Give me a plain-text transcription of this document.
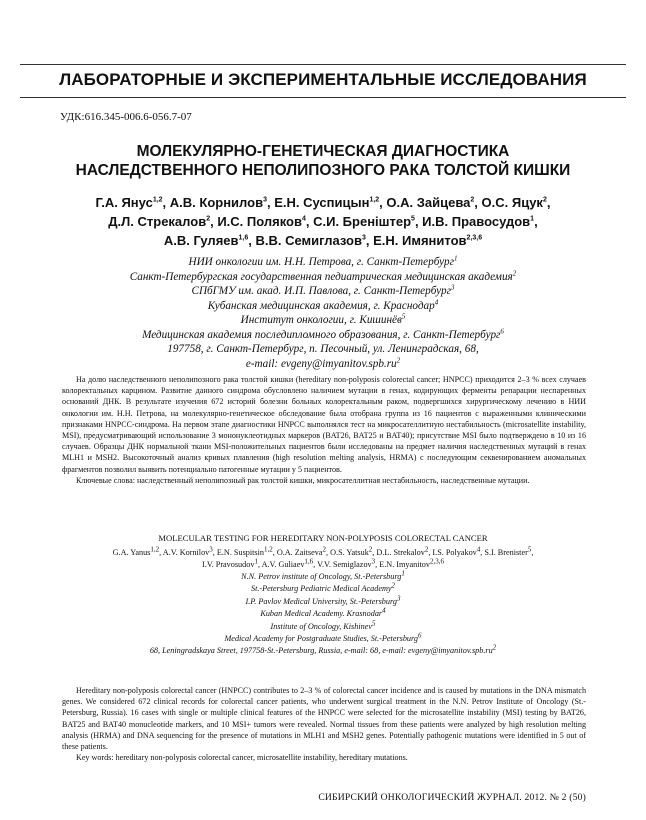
ЛАБОРАТОРНЫЕ И ЭКСПЕРИМЕНТАЛЬНЫЕ ИССЛЕДОВАНИЯ
УДК:616.345-006.6-056.7-07
МОЛЕКУЛЯРНО-ГЕНЕТИЧЕСКАЯ ДИАГНОСТИКА
НАСЛЕДСТВЕННОГО НЕПОЛИПОЗНОГО РАКА ТОЛСТОЙ КИШКИ
Г.А. Янус$^{1,2}$, А.В. Корнилов$^3$, Е.Н. Суспицын$^{1,2}$, О.А. Зайцева$^2$, О.С. Яцук$^2$,
Д.Л. Стрекалов$^2$, И.С. Поляков$^4$, С.И. Бренiштер$^5$, И.В. Правосудов$^1$,
А.В. Гуляев$^{1,6}$, В.В. Семиглазов$^3$, Е.Н. Имянитов$^{2,3,6}$
НИИ онкологии им. Н.Н. Петрова, г. Санкт-Петербург$^1$
Санкт-Петербургская государственная педиатрическая медицинская академия$^2$
СПбГМУ им. акад. И.П. Павлова, г. Санкт-Петербург$^3$
Кубанская медицинская академия, г. Краснодар$^4$
Институт онкологии, г. Кишинёв$^5$
Медицинская академия последипломного образования, г. Санкт-Петербург$^6$
197758, г. Санкт-Петербург, п. Песочный, ул. Ленинградская, 68,
e-mail: $evgeny@imyanitov.spb.ru^2$

На долю наследственного неполипозного рака толстой кишки (hereditary non-polyposis colorectal cancer; HNPCC) приходится 2–3 % всех случаев колоректальных карцином. Развитие данного синдрома обусловлено наличием мутации в генах, кодирующих ферменты репарации неспаренных оснований ДНК. В результате изучения 672 историй болезни больных колоректальным раком, подвергшихся хирургическому лечению в НИИ онкологии им. Н.Н. Петрова, на молекулярно-генетическое обследование была отобрана группа из 16 пациентов с выраженными клиническими признаками HNPCC-синдрома. На первом этапе диагностики HNPCC выполнялся тест на микросателлитную нестабильность (microsatellite instability, MSI), предусматривающий использование 3 мононуклеотидных маркеров (BAT26, BAT25 и BAT40); присутствие MSI было подтверждено в 10 из 16 случаев. Образцы ДНК нормальной ткани MSI-положительных пациентов были исследованы на предмет наличия наследственных мутаций в генах MLH1 и MSH2. Высокоточный анализ кривых плавления (high resolution melting analysis, HRMA) с последующим секвенированием аномальных фрагментов позволил выявить потенциально патогенные мутации у 5 пациентов.

Ключевые слова: наследственный неполипозный рак толстой кишки, микросателлитная нестабильность, наследственные мутации.

MOLECULAR TESTING FOR HEREDITARY NON-POLYPOSIS COLORECTAL CANCER
G.A. Yanus$^{1,2}$, A.V. Kornilov$^3$, E.N. Suspitsin$^{1,2}$, O.A. Zaitseva$^2$, O.S. Yatsuk$^2$, D.L. Strekalov$^2$, I.S. Polyakov$^4$, S.I. Brenister$^5$,
I.V. Pravosudov$^1$, A.V. Guliaev$^{1,6}$, V.V. Semiglazov$^3$, E.N. Imyanitov$^{2,3,6}$
N.N. Petrov institute of Oncology, St.-Petersburg$^1$
St.-Petersburg Pediatric Medical Academy$^2$
I.P. Pavlov Medical University, St.-Petersburg$^3$
Kuban Medical Academy. Krasnodar$^4$
Institute of Oncology, Kishinev$^5$
Medical Academy for Postgraduate Studies, St.-Petersburg$^6$
68, Leningradskaya Street, 197758-St.-Petersburg, Russia, e-mail: 68, e-mail: $evgeny@imyanitov.spb.ru^2$

Hereditary non-polyposis colorectal cancer (HNPCC) contributes to 2–3 % of colorectal cancer incidence and is caused by mutations in the DNA mismatch genes. We considered 672 clinical records for colorectal cancer patients, who underwent surgical treatment in the N.N. Petrov Institute of Oncology (St.-Petersburg, Russia). 16 cases with single or multiple clinical features of the HNPCC were selected for the microsatellite instability (MSI) testing by BAT26, BAT25 and BAT40 monucleotide markers, and 10 MSI+ tumors were revealed. Normal tissues from these patients were analyzed by high resolution melting analysis (HRMA) and DNA sequencing for the presence of mutations in MLH1 and MSH2 genes. Potentially pathogenic mutations were identified in 5 out of these patients.

Key words: hereditary non-polyposis colorectal cancer, microsatellite instability, hereditary mutations.

СИБИРСКИЙ ОНКОЛОГИЧЕСКИЙ ЖУРНАЛ. 2012. № 2 (50)
